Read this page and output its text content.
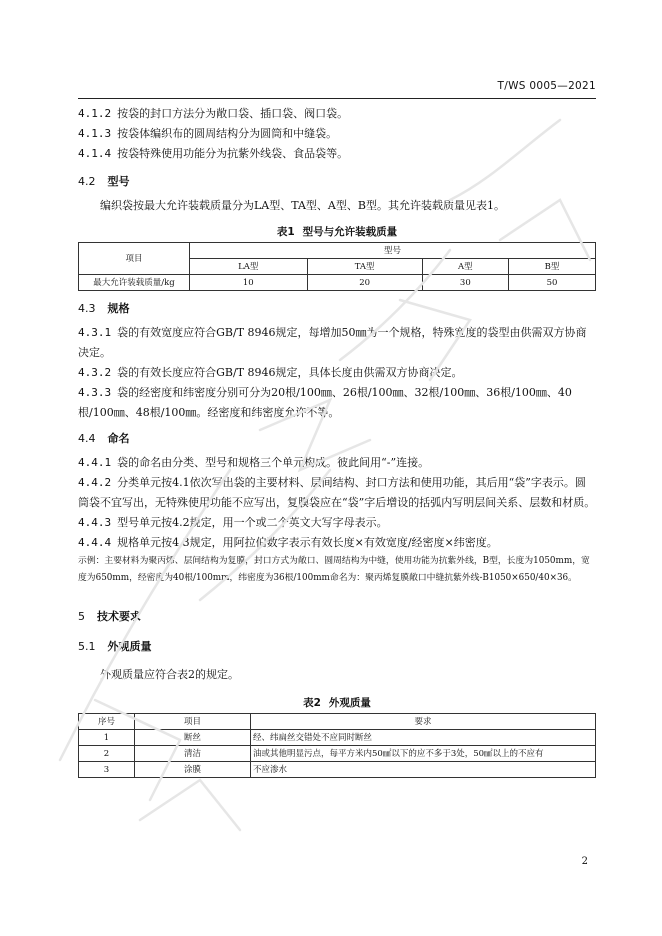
T/WS 0005—2021

4.1.2 按袋的封口方法分为敞口袋、插口袋、阀口袋。

4.1.3 按袋体编织布的圆周结构分为圆筒和中缝袋。

4.1.4 按袋特殊使用功能分为抗紫外线袋、食品袋等。

4.2 型号

编织袋按最大允许装载质量分为LA型、TA型、A型、B型。其允许装载质量见表1。

表1 型号与允许装载质量

项目	型号			
	LA型	TA型	A型	B型
最大允许装载质量/kg	10	20	30	50

4.3 规格

4.3.1 袋的有效宽度应符合GB/T 8946规定，每增加50㎜为一个规格，特殊宽度的袋型由供需双方协商决定。

4.3.2 袋的有效长度应符合GB/T 8946规定，具体长度由供需双方协商决定。

4.3.3 袋的经密度和纬密度分别可分为20根/100㎜、26根/100㎜、32根/100㎜、36根/100㎜、40根/100㎜、48根/100㎜。经密度和纬密度允许不等。

4.4 命名

4.4.1 袋的命名由分类、型号和规格三个单元构成。彼此间用“-”连接。

4.4.2 分类单元按4.1依次写出袋的主要材料、层间结构、封口方法和使用功能，其后用“袋”字表示。圆筒袋不宜写出，无特殊使用功能不应写出，复膜袋应在“袋”字后增设的括弧内写明层间关系、层数和材质。

4.4.3 型号单元按4.2规定，用一个或二个英文大写字母表示。

4.4.4 规格单元按4.3规定，用阿拉伯数字表示有效长度×有效宽度/经密度×纬密度。

示例：主要材料为聚丙烯、层间结构为复膜，封口方式为敞口、圆周结构为中缝，使用功能为抗紫外线，B型，长度为1050mm，宽度为650mm，经密度为40根/100mm，纬密度为36根/100mm命名为：聚丙烯复膜敞口中缝抗紫外线-B1050×650/40×36。

5 技术要求

5.1 外观质量

外观质量应符合表2的规定。

表2 外观质量

序号	项目	要求
1	断丝	经、纬扁丝交错处不应同时断丝
2	清洁	油或其他明显污点，每平方米内50㎟以下的应不多于3处，50㎟以上的不应有
3	涂膜	不应渗水
2
